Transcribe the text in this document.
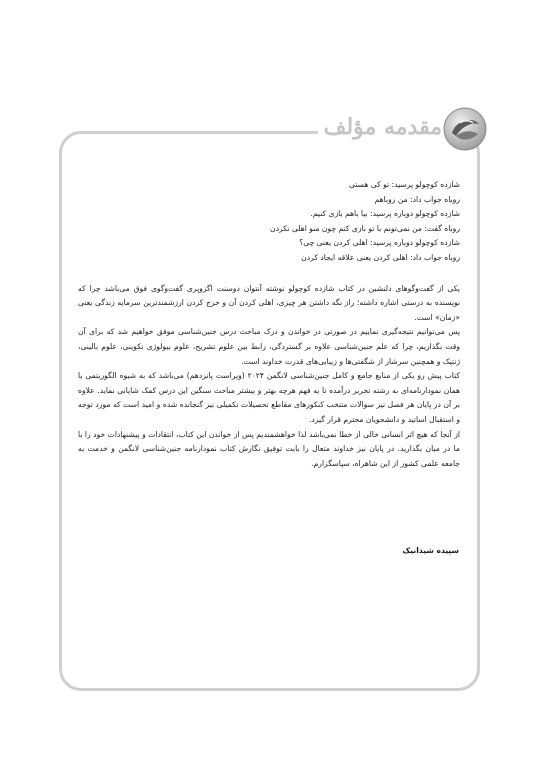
مقدمه مؤلف

شازده کوچولو پرسید: تو کی هستی

روباه جواب داد: من روباهم

شازده کوچولو دوباره پرسید: بیا باهم بازی کنیم.

روباه گفت: من نمی‌تونم با تو بازی کنم چون منو اهلی نکردن

شازده کوچولو دوباره پرسید: اهلی کردن یعنی چی؟

روباه جواب داد: اهلی کردن یعنی علاقه ایجاد کردن

یکی از گفت‌وگوهای دلنشین در کتاب شازده کوچولو نوشته آنتوان دوسنت اگزوپری گفت‌وگوی فوق می‌باشد چرا که نویسنده به درستی اشاره داشته؛ راز نگه داشتن هر چیزی، اهلی کردن آن و خرج کردن ارزشمندترین سرمایه زندگی یعنی «زمان» است.

پس می‌توانیم نتیجه‌گیری نماییم در صورتی در خواندن و درک مباحث درس جنین‌شناسی موفق خواهیم شد که برای آن وقت بگذاریم، چرا که علم جنین‌شناسی علاوه بر گستردگی، رابط بین علوم تشریح، علوم بیولوژی تکوینی، علوم بالینی، ژنتیک و همچنین سرشار از شگفتی‌ها و زیبایی‌های قدرت خداوند است.

کتاب پیش رو یکی از منابع جامع و کامل جنین‌شناسی لانگمن ۲۰۲۴ (ویراست پانزدهم) می‌باشد که به شیوه الگوریتمی یا همان نمودارنامه‌ای به رشته تحریر درآمده تا به فهم هرچه بهتر و بیشتر مباحث سنگین این درس کمک شایانی نماید. علاوه بر آن در پایان هر فصل نیز سوالات منتخب کنکورهای مقاطع تحصیلات تکمیلی نیز گنجانده شده و امید است که مورد توجه و استقبال اساتید و دانشجویان محترم قرار گیرد.

از آنجا که هیچ اثر انسانی خالی از خطا نمی‌باشد لذا خواهشمندیم پس از خواندن این کتاب، انتقادات و پیشنهادات خود را با ما در میان بگذارید. در پایان نیز خداوند متعال را بابت توفیق نگارش کتاب نمودارنامه جنین‌شناسی لانگمن و خدمت به جامعه علمی کشور از این شاهراه، سپاسگزارم.

سپیده شیدانیک
